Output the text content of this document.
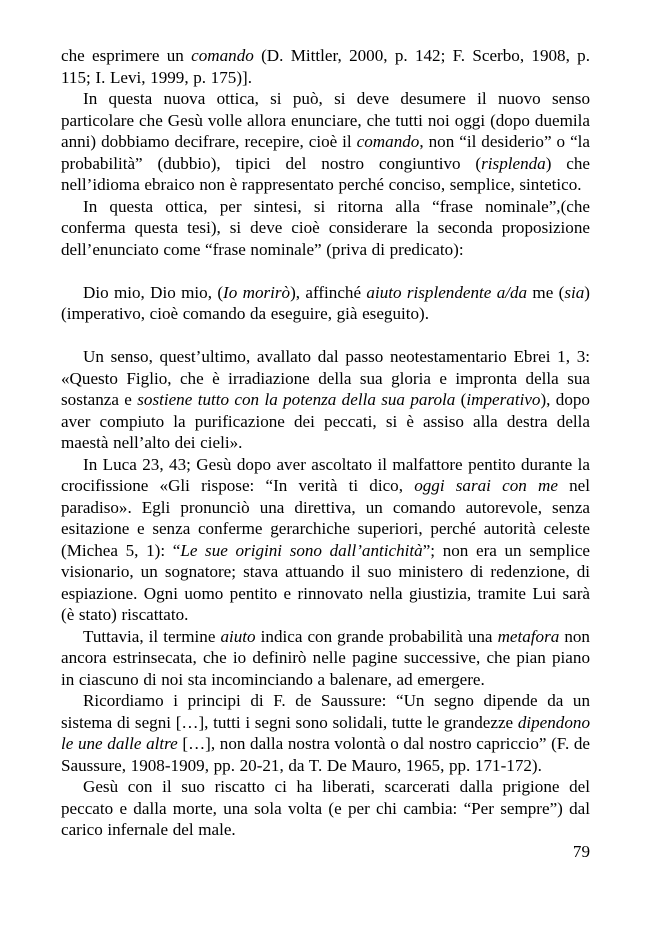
che esprimere un comando (D. Mittler, 2000, p. 142; F. Scerbo, 1908, p. 115; I. Levi, 1999, p. 175)].

In questa nuova ottica, si può, si deve desumere il nuovo senso particolare che Gesù volle allora enunciare, che tutti noi oggi (dopo duemila anni) dobbiamo decifrare, recepire, cioè il comando, non “il desiderio” o “la probabilità” (dubbio), tipici del nostro congiuntivo (risplenda) che nell’idioma ebraico non è rappresentato perché conciso, semplice, sintetico.

In questa ottica, per sintesi, si ritorna alla “frase nominale”,(che conferma questa tesi), si deve cioè considerare la seconda proposizione dell’enunciato come “frase nominale” (priva di predicato):

Dio mio, Dio mio, (Io morirò), affinché aiuto risplendente a/da me (sia) (imperativo, cioè comando da eseguire, già eseguito).

Un senso, quest’ultimo, avallato dal passo neotestamentario Ebrei 1, 3: «Questo Figlio, che è irradiazione della sua gloria e impronta della sua sostanza e sostiene tutto con la potenza della sua parola (imperativo), dopo aver compiuto la purificazione dei peccati, si è assiso alla destra della maestà nell’alto dei cieli».

In Luca 23, 43; Gesù dopo aver ascoltato il malfattore pentito durante la crocifissione «Gli rispose: “In verità ti dico, oggi sarai con me nel paradiso». Egli pronunciò una direttiva, un comando autorevole, senza esitazione e senza conferme gerarchiche superiori, perché autorità celeste (Michea 5, 1): “Le sue origini sono dall’antichità”; non era un semplice visionario, un sognatore; stava attuando il suo ministero di redenzione, di espiazione. Ogni uomo pentito e rinnovato nella giustizia, tramite Lui sarà (è stato) riscattato.

Tuttavia, il termine aiuto indica con grande probabilità una metafora non ancora estrinsecata, che io definirò nelle pagine successive, che pian piano in ciascuno di noi sta incominciando a balenare, ad emergere.

Ricordiamo i principi di F. de Saussure: “Un segno dipende da un sistema di segni […], tutti i segni sono solidali, tutte le grandezze dipendono le une dalle altre […], non dalla nostra volontà o dal nostro capriccio” (F. de Saussure, 1908-1909, pp. 20-21, da T. De Mauro, 1965, pp. 171-172).

Gesù con il suo riscatto ci ha liberati, scarcerati dalla prigione del peccato e dalla morte, una sola volta (e per chi cambia: “Per sempre”) dal carico infernale del male.

79
